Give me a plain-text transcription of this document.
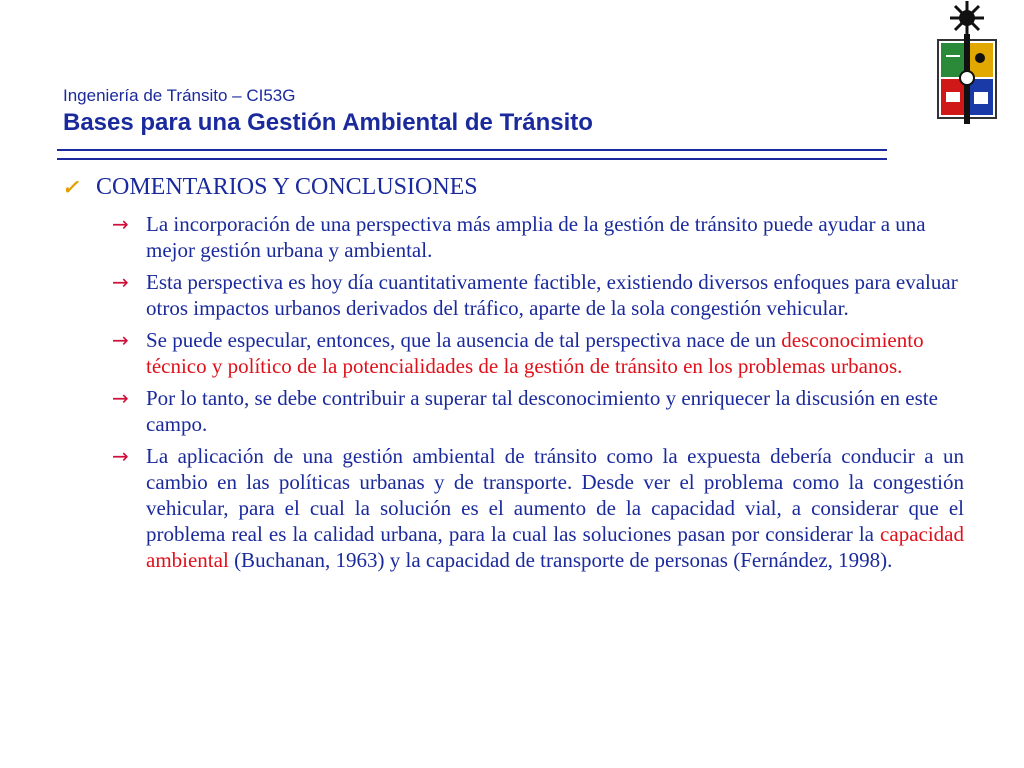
Ingeniería de Tránsito – CI53G
Bases para una Gestión Ambiental de Tránsito
✓ COMENTARIOS Y CONCLUSIONES
→ La incorporación de una perspectiva más amplia de la gestión de tránsito puede ayudar a una mejor gestión urbana y ambiental.
→ Esta perspectiva es hoy día cuantitativamente factible, existiendo diversos enfoques para evaluar otros impactos urbanos derivados del tráfico, aparte de la sola congestión vehicular.
→ Se puede especular, entonces, que la ausencia de tal perspectiva nace de un desconocimiento técnico y político de la potencialidades de la gestión de tránsito en los problemas urbanos.
→ Por lo tanto, se debe contribuir a superar tal desconocimiento y enriquecer la discusión en este campo.
→ La aplicación de una gestión ambiental de tránsito como la expuesta debería conducir a un cambio en las políticas urbanas y de transporte. Desde ver el problema como la congestión vehicular, para el cual la solución es el aumento de la capacidad vial, a considerar que el problema real es la calidad urbana, para la cual las soluciones pasan por considerar la capacidad ambiental (Buchanan, 1963) y la capacidad de transporte de personas (Fernández, 1998).
